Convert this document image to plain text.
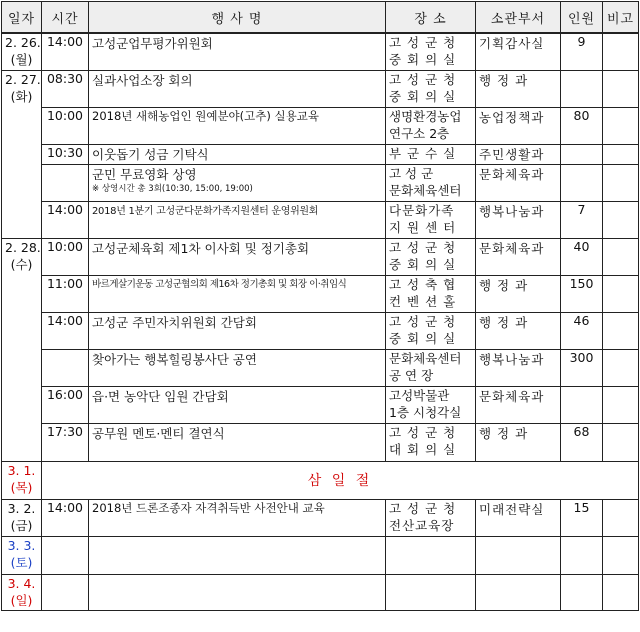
일자	시간	행 사 명	장 소	소관부서	인원	비고
2. 26.
(월)	14:00	고성군업무평가위원회	고 성 군 청
중 회 의 실	기획감사실	9	
2. 27.
(화)	08:30	실과사업소장 회의	고 성 군 청
중 회 의 실	행 정 과		
	10:00	2018년 새해농업인 원예분야(고추) 실용교육	생명환경농업
연구소 2층	농업정책과	80	
	10:30	이웃돕기 성금 기탁식	부 군 수 실	주민생활과		

		군민 무료영화 상영
※ 상영시간 총 3회(10:30, 15:00, 19:00)	고 성 군
문화체육센터	문화체육과		
	14:00	2018년 1분기 고성군다문화가족지원센터 운영위원회	다문화가족
지 원 센 터	행복나눔과	7	
2. 28.
(수)	10:00	고성군체육회 제1차 이사회 및 정기총회	고 성 군 청
중 회 의 실	문화체육과	40	
	11:00	바르게살기운동 고성군협의회 제16차 정기총회 및 회장 이·취임식	고 성 축 협
컨 벤 션 홀	행 정 과	150	
	14:00	고성군 주민자치위원회 간담회	고 성 군 청
중 회 의 실	행 정 과	46	
		찾아가는 행복힐링봉사단 공연	문화체육센터
공 연 장	행복나눔과	300	
	16:00	읍·면 농악단 임원 간담회	고성박물관
1층 시청각실	문화체육과		
	17:30	공무원 멘토·멘티 결연식	고 성 군 청
대 회 의 실	행 정 과	68	
3. 1.
(목)	삼 일 절					
3. 2.
(금)	14:00	2018년 드론조종자 자격취득반 사전안내 교육	고 성 군 청
전산교육장	미래전략실	15	
3. 3.
(토)						
3. 4.
(일)						
